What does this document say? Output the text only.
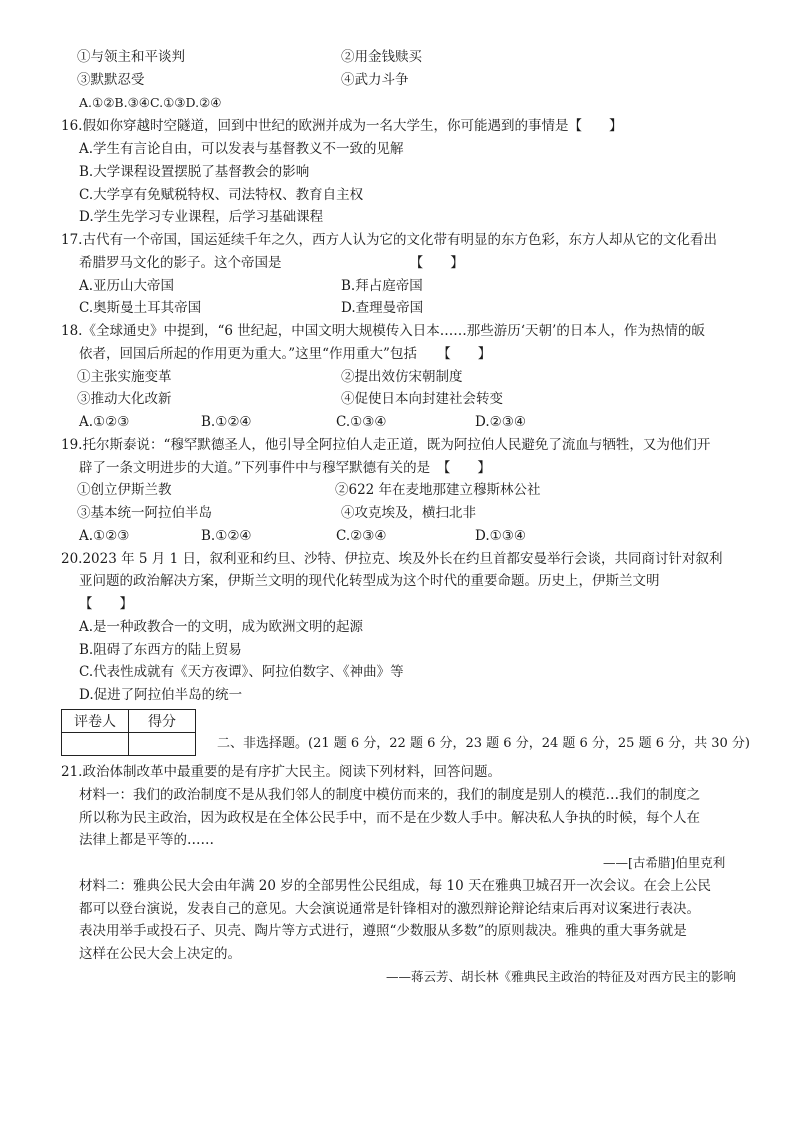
①与领主和平谈判	②用金钱赎买
③默默忍受	④武力斗争
A.①②B.③④C.①③D.②④
16.假如你穿越时空隧道，回到中世纪的欧洲并成为一名大学生，你可能遇到的事情是【　　】
A.学生有言论自由，可以发表与基督教义不一致的见解
B.大学课程设置摆脱了基督教会的影响
C.大学享有免赋税特权、司法特权、教育自主权
D.学生先学习专业课程，后学习基础课程
17.古代有一个帝国，国运延续千年之久，西方人认为它的文化带有明显的东方色彩，东方人却从它的文化看出
希腊罗马文化的影子。这个帝国是　　　　　　　　　　【　　】
A.亚历山大帝国	B.拜占庭帝国
C.奥斯曼土耳其帝国	D.查理曼帝国
18.《全球通史》中提到，“6 世纪起，中国文明大规模传入日本……那些游历‘天朝’的日本人，作为热情的皈
依者，回国后所起的作用更为重大。”这里“作用重大”包括　　【　　】
①主张实施变革	②提出效仿宋朝制度
③推动大化改新	④促使日本向封建社会转变
A.①②③	B.①②④	C.①③④	D.②③④
19.托尔斯泰说：“穆罕默德圣人，他引导全阿拉伯人走正道，既为阿拉伯人民避免了流血与牺牲，又为他们开
辟了一条文明进步的大道。”下列事件中与穆罕默德有关的是　【　　】
①创立伊斯兰教	②622 年在麦地那建立穆斯林公社
③基本统一阿拉伯半岛	④攻克埃及，横扫北非
A.①②③	B.①②④	C.②③④	D.①③④
20.2023 年 5 月 1 日，叙利亚和约旦、沙特、伊拉克、埃及外长在约旦首都安曼举行会谈，共同商讨针对叙利
亚问题的政治解决方案，伊斯兰文明的现代化转型成为这个时代的重要命题。历史上，伊斯兰文明
【　　】
A.是一种政教合一的文明，成为欧洲文明的起源
B.阻碍了东西方的陆上贸易
C.代表性成就有《天方夜谭》、阿拉伯数字、《神曲》等
D.促进了阿拉伯半岛的统一
评卷人	得分

二、非选择题。(21 题 6 分，22 题 6 分，23 题 6 分，24 题 6 分，25 题 6 分，共 30 分)
21.政治体制改革中最重要的是有序扩大民主。阅读下列材料，回答问题。
材料一：我们的政治制度不是从我们邻人的制度中模仿而来的，我们的制度是别人的模范…我们的制度之
所以称为民主政治，因为政权是在全体公民手中，而不是在少数人手中。解决私人争执的时候，每个人在
法律上都是平等的……
——[古希腊]伯里克利
材料二：雅典公民大会由年满 20 岁的全部男性公民组成，每 10 天在雅典卫城召开一次会议。在会上公民
都可以登台演说，发表自己的意见。大会演说通常是针锋相对的激烈辩论辩论结束后再对议案进行表决。
表决用举手或投石子、贝壳、陶片等方式进行，遵照“少数服从多数”的原则裁决。雅典的重大事务就是
这样在公民大会上决定的。
——蒋云芳、胡长林《雅典民主政治的特征及对西方民主的影响
